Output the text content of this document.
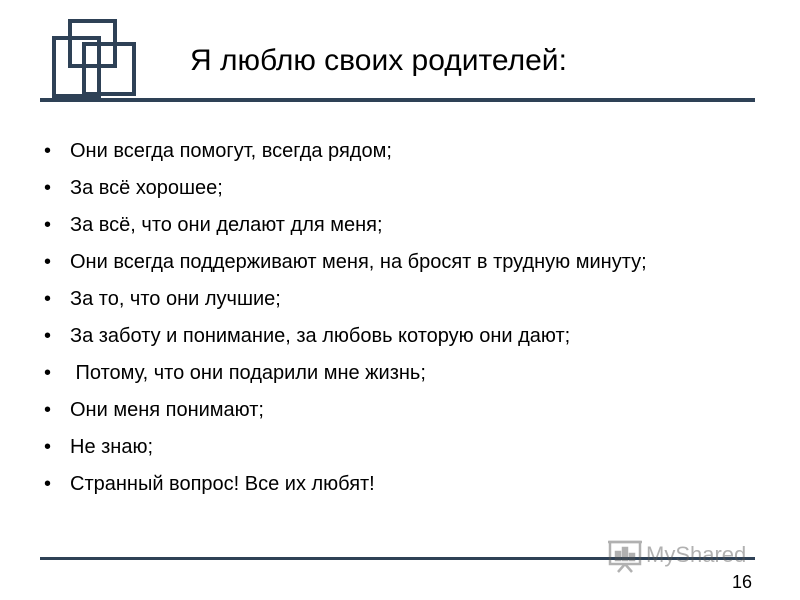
Я люблю своих родителей:
• Они всегда помогут, всегда рядом;
• За всё хорошее;
• За всё, что они делают для меня;
• Они всегда поддерживают меня, на бросят в трудную минуту;
• За то, что они лучшие;
• За заботу и понимание, за любовь которую они дают;
• Потому, что они подарили мне жизнь;
• Они меня понимают;
• Не знаю;
• Странный вопрос! Все их любят!
MyShared
16
